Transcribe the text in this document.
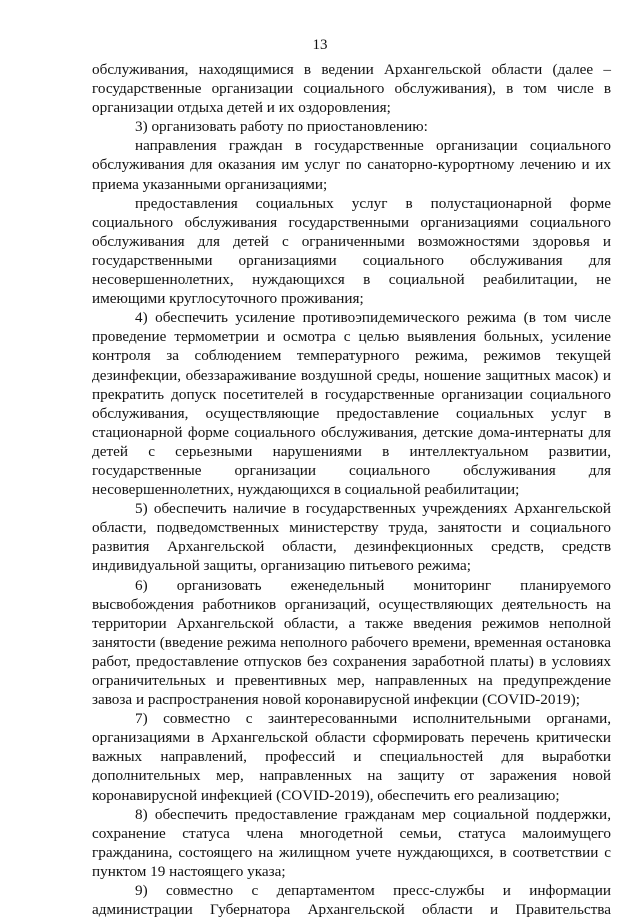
13

обслуживания, находящимися в ведении Архангельской области (далее – государственные организации социального обслуживания), в том числе в организации отдыха детей и их оздоровления;

3) организовать работу по приостановлению:

направления граждан в государственные организации социального обслуживания для оказания им услуг по санаторно-курортному лечению и их приема указанными организациями;

предоставления социальных услуг в полустационарной форме социального обслуживания государственными организациями социального обслуживания для детей с ограниченными возможностями здоровья и государственными организациями социального обслуживания для несовершеннолетних, нуждающихся в социальной реабилитации, не имеющими круглосуточного проживания;

4) обеспечить усиление противоэпидемического режима (в том числе проведение термометрии и осмотра с целью выявления больных, усиление контроля за соблюдением температурного режима, режимов текущей дезинфекции, обеззараживание воздушной среды, ношение защитных масок) и прекратить допуск посетителей в государственные организации социального обслуживания, осуществляющие предоставление социальных услуг в стационарной форме социального обслуживания, детские дома-интернаты для детей с серьезными нарушениями в интеллектуальном развитии, государственные организации социального обслуживания для несовершеннолетних, нуждающихся в социальной реабилитации;

5) обеспечить наличие в государственных учреждениях Архангельской области, подведомственных министерству труда, занятости и социального развития Архангельской области, дезинфекционных средств, средств индивидуальной защиты, организацию питьевого режима;

6) организовать еженедельный мониторинг планируемого высвобождения работников организаций, осуществляющих деятельность на территории Архангельской области, а также введения режимов неполной занятости (введение режима неполного рабочего времени, временная остановка работ, предоставление отпусков без сохранения заработной платы) в условиях ограничительных и превентивных мер, направленных на предупреждение завоза и распространения новой коронавирусной инфекции (COVID-2019);

7) совместно с заинтересованными исполнительными органами, организациями в Архангельской области сформировать перечень критически важных направлений, профессий и специальностей для выработки дополнительных мер, направленных на защиту от заражения новой коронавирусной инфекцией (COVID-2019), обеспечить его реализацию;

8) обеспечить предоставление гражданам мер социальной поддержки, сохранение статуса члена многодетной семьи, статуса малоимущего гражданина, состоящего на жилищном учете нуждающихся, в соответствии с пунктом 19 настоящего указа;

9) совместно с департаментом пресс-службы и информации администрации Губернатора Архангельской области и Правительства
